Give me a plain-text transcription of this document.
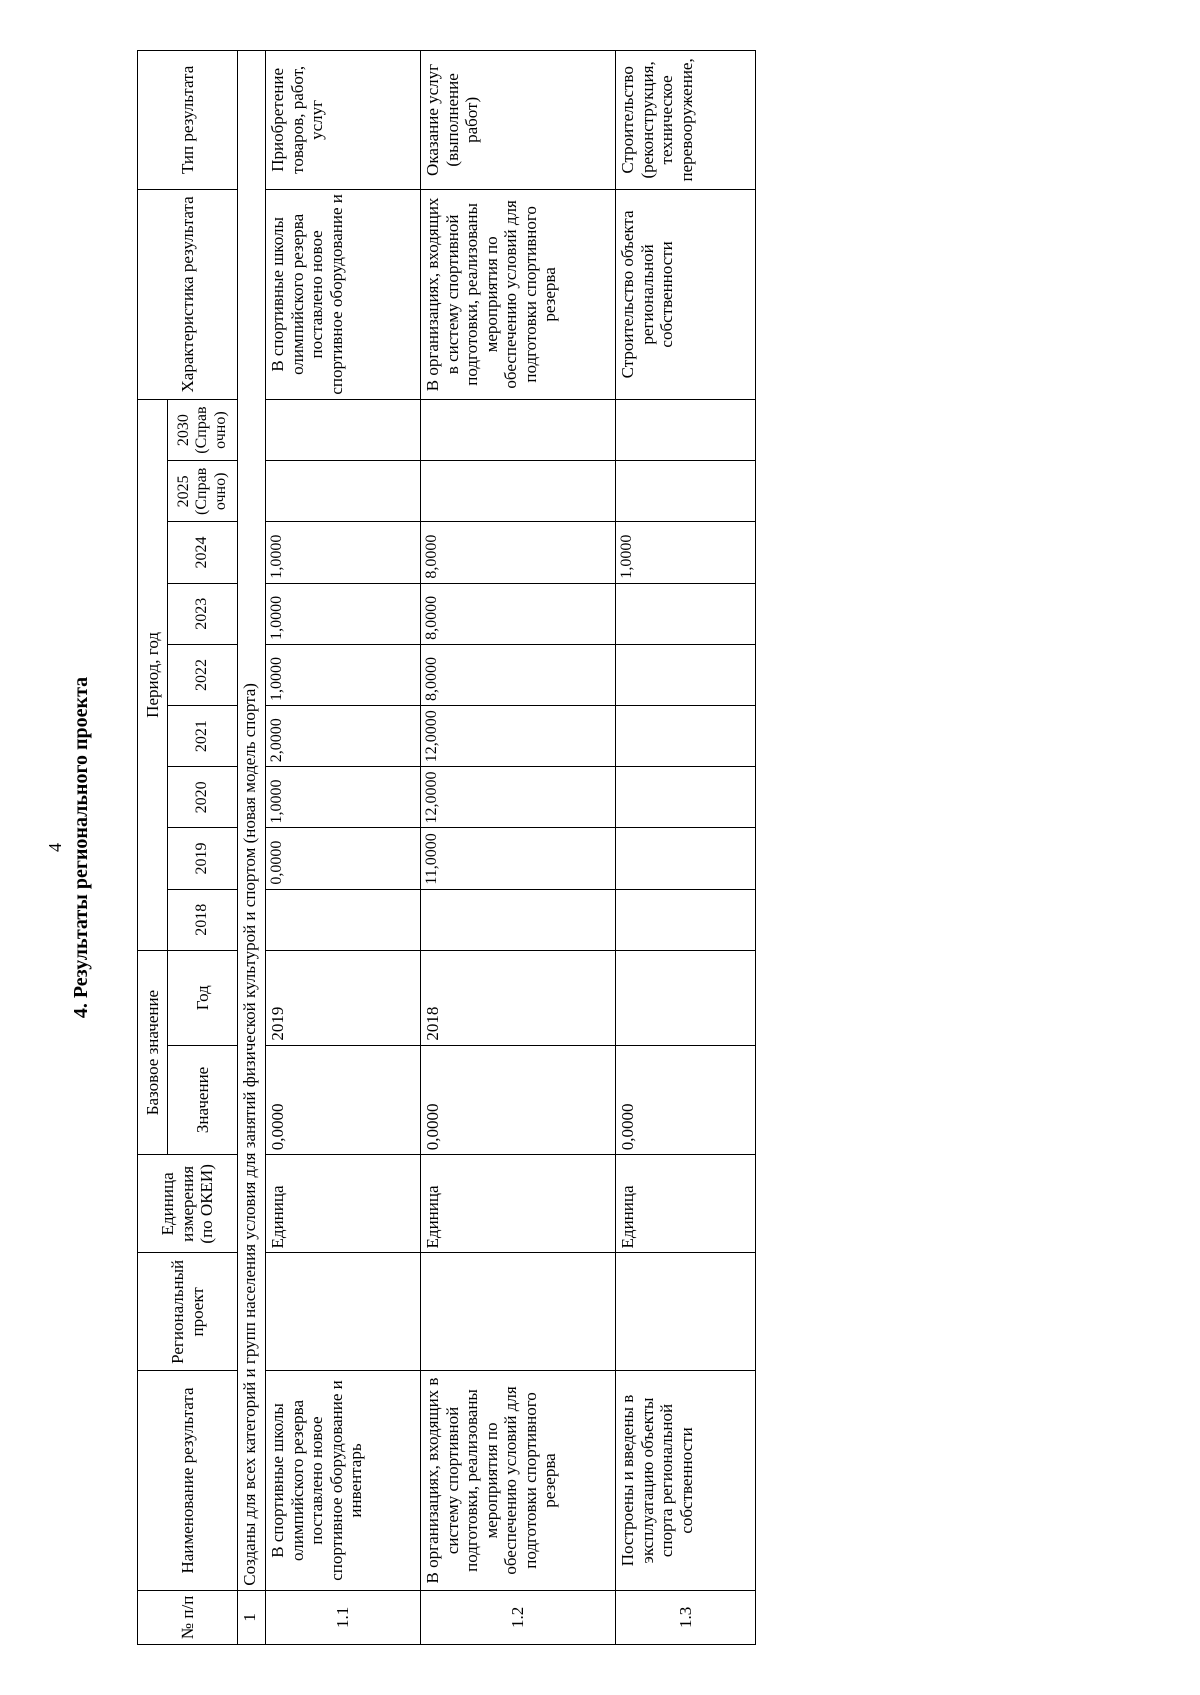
4 4. Результаты регионального проекта
№ п/п	Наименование результата	Региональный проект	Единица измерения (по ОКЕИ)	Базовое значение		Период, год									Характеристика результата	Тип результата
				Значение	Год	2018	2019	2020	2021	2022	2023	2024	2025 (Справочно)	2030 (Справочно)		
1	Созданы для всех категорий и групп населения условия для занятий физической культурой и спортом (новая модель спорта)															
1.1	В спортивные школы олимпийского резерва поставлено новое спортивное оборудование и инвентарь		Единица	0,0000	2019		0,0000	1,0000	2,0000	1,0000	1,0000	1,0000			В спортивные школы олимпийского резерва поставлено новое спортивное оборудование и	Приобретение товаров, работ, услуг
1.2	В организациях, входящих в систему спортивной подготовки, реализованы мероприятия по обеспечению условий для подготовки спортивного резерва		Единица	0,0000	2018		11,0000	12,0000	12,0000	8,0000	8,0000	8,0000			В организациях, входящих в систему спортивной подготовки, реализованы мероприятия по обеспечению условий для подготовки спортивного резерва	Оказание услуг (выполнение работ)
1.3	Построены и введены в эксплуатацию объекты спорта региональной собственности		Единица	0,0000								1,0000			Строительство объекта региональной собственности	Строительство (реконструкция, техническое перевооружение,
